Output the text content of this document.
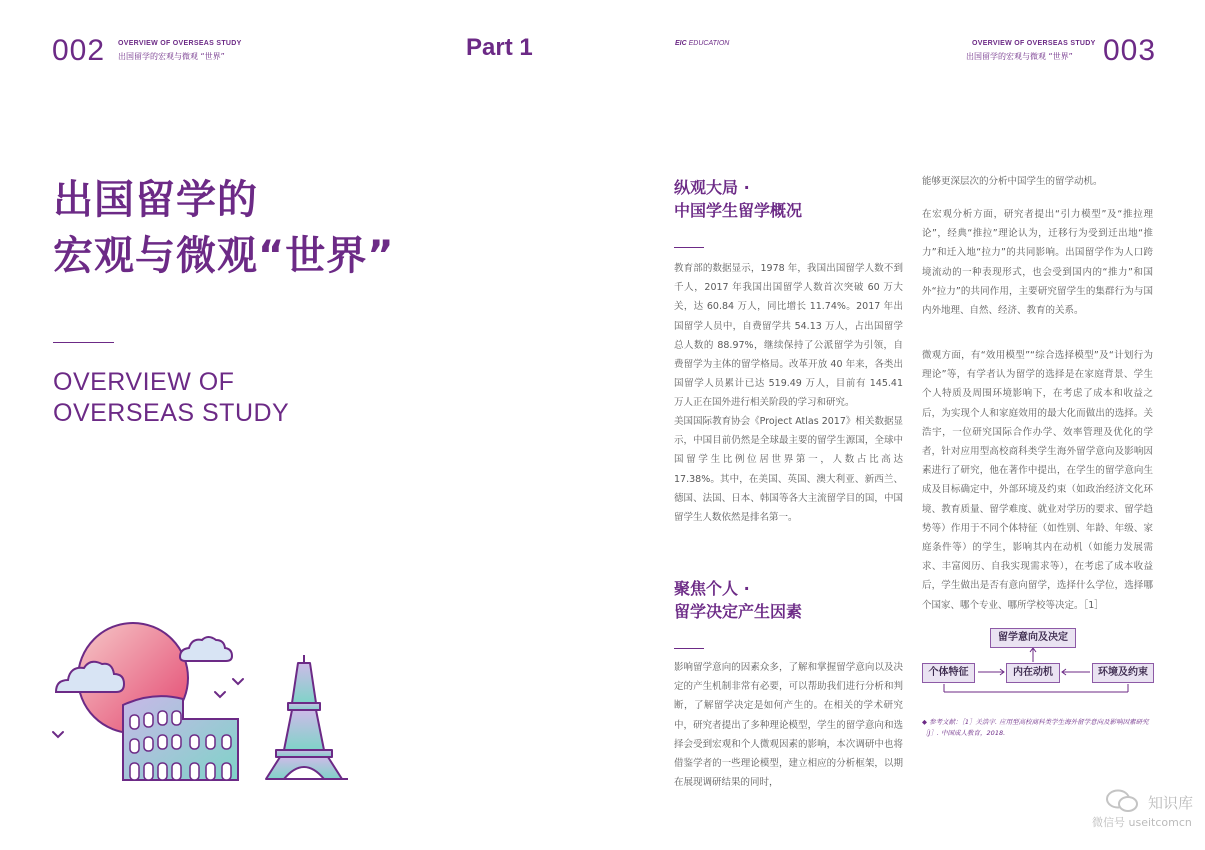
002 OVERVIEW OF OVERSEAS STUDY
出国留学的宏观与微观 “世界”	Part 1	EIC EDUCATION	OVERVIEW OF OVERSEAS STUDY
出国留学的宏观与微观 “世界” 003
出国留学的
宏观与微观“世界”
OVERVIEW OF
OVERSEAS STUDY
纵观大局 ·
中国学生留学概况
教育部的数据显示，1978 年，我国出国留学人数不到千人，2017 年我国出国留学人数首次突破 60 万大关，达 60.84 万人，同比增长 11.74%。2017 年出国留学人员中，自费留学共 54.13 万人，占出国留学总人数的 88.97%，继续保持了公派留学为引领，自费留学为主体的留学格局。改革开放 40 年来，各类出国留学人员累计已达 519.49 万人，目前有 145.41 万人正在国外进行相关阶段的学习和研究。
美国国际教育协会《Project Atlas 2017》相关数据显示，中国目前仍然是全球最主要的留学生源国，全球中国留学生比例位居世界第一，人数占比高达 17.38%。其中，在美国、英国、澳大利亚、新西兰、德国、法国、日本、韩国等各大主流留学目的国，中国留学生人数依然是排名第一。
聚焦个人 ·
留学决定产生因素
影响留学意向的因素众多，了解和掌握留学意向以及决定的产生机制非常有必要，可以帮助我们进行分析和判断，了解留学决定是如何产生的。在相关的学术研究中，研究者提出了多种理论模型，学生的留学意向和选择会受到宏观和个人微观因素的影响，本次调研中也将借鉴学者的一些理论模型，建立相应的分析框架，以期在展现调研结果的同时，
能够更深层次的分析中国学生的留学动机。
在宏观分析方面，研究者提出“引力模型”及“推拉理论”，经典“推拉”理论认为，迁移行为受到迁出地“推力”和迁入地“拉力”的共同影响。出国留学作为人口跨境流动的一种表现形式，也会受到国内的“推力”和国外“拉力”的共同作用，主要研究留学生的集群行为与国内外地理、自然、经济、教育的关系。
微观方面，有“效用模型”“综合选择模型”及“计划行为理论”等，有学者认为留学的选择是在家庭背景、学生个人特质及周围环境影响下，在考虑了成本和收益之后，为实现个人和家庭效用的最大化而做出的选择。关浩宇，一位研究国际合作办学、效率管理及优化的学者，针对应用型高校商科类学生海外留学意向及影响因素进行了研究，他在著作中提出，在学生的留学意向生成及目标确定中，外部环境及约束（如政治经济文化环境、教育质量、留学难度、就业对学历的要求、留学趋势等）作用于不同个体特征（如性别、年龄、年级、家庭条件等）的学生，影响其内在动机（如能力发展需求、丰富阅历、自我实现需求等），在考虑了成本收益后，学生做出是否有意向留学，选择什么学位，选择哪个国家、哪个专业、哪所学校等决定。［1］
留学意向及决定
个体特征	内在动机	环境及约束
◆ 参考文献：［1］关浩宇. 应用型高校商科类学生海外留学意向及影响因素研究［J］. 中国成人教育，2018.
知识库
微信号 useitcomcn
